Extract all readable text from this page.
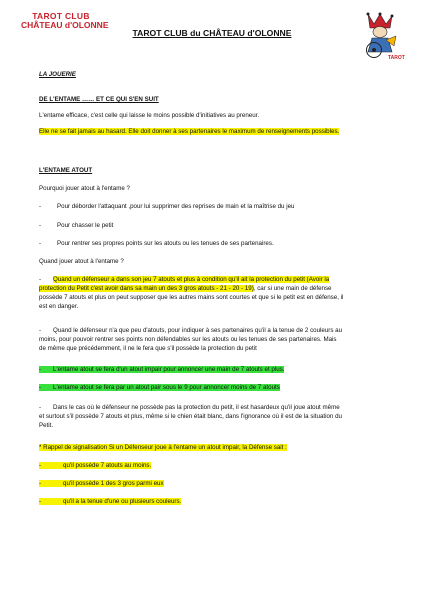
TAROT CLUB
CHÂTEAU d'OLONNE
TAROT CLUB du CHÂTEAU d'OLONNE
TAROT
LA JOUERIE
DE L'ENTAME …… ET CE QUI S'EN SUIT
L'entame efficace, c'est celle qui laisse le moins possible d'initiatives au preneur.
Elle ne se fait jamais au hasard. Elle doit donner à ses partenaires le maximum de renseignements possibles.
L'ENTAME ATOUT
Pourquoi jouer atout à l'entame ?
-	Pour déborder l'attaquant ,pour lui supprimer des reprises de main et la maîtrise du jeu
-	Pour chasser le petit
-	Pour rentrer ses propres points sur les atouts ou les tenues de ses partenaires.
Quand jouer atout à l'entame ?
- Quand un défenseur a dans son jeu 7 atouts et plus à condition qu'il ait la protection du petit (Avoir la
protection du Petit c'est avoir dans sa main un des 3 gros atouts - 21 - 20 - 19), car si une main de défense
possède 7 atouts et plus on peut supposer que les autres mains sont courtes et que si le petit est en défense, il
est en danger.
- Quand le défenseur n'a que peu d'atouts, pour indiquer à ses partenaires qu'il a la tenue de 2 couleurs au
moins, pour pouvoir rentrer ses points non défendables sur les atouts ou les tenues de ses partenaires. Mais
de même que précédemment, il ne le fera que s'il possède la protection du petit
- L'entame atout se fera d'un atout impair pour annoncer une main de 7 atouts et plus.
- L'entame atout se fera par un atout pair sous le 9 pour annoncer moins de 7 atouts
- Dans le cas où le défenseur ne possède pas la protection du petit, il est hasardeux qu'il joue atout même
et surtout s'il possède 7 atouts et plus, même si le chien était blanc, dans l'ignorance où il est de la situation du
Petit.
* Rappel de signalisation Si un Défenseur joue à l'entame un atout impair, la Défense sait :
-	qu'il possède 7 atouts au moins.
-	qu'il possède 1 des 3 gros parmi eux
-	qu'il a la tenue d'une ou plusieurs couleurs.
